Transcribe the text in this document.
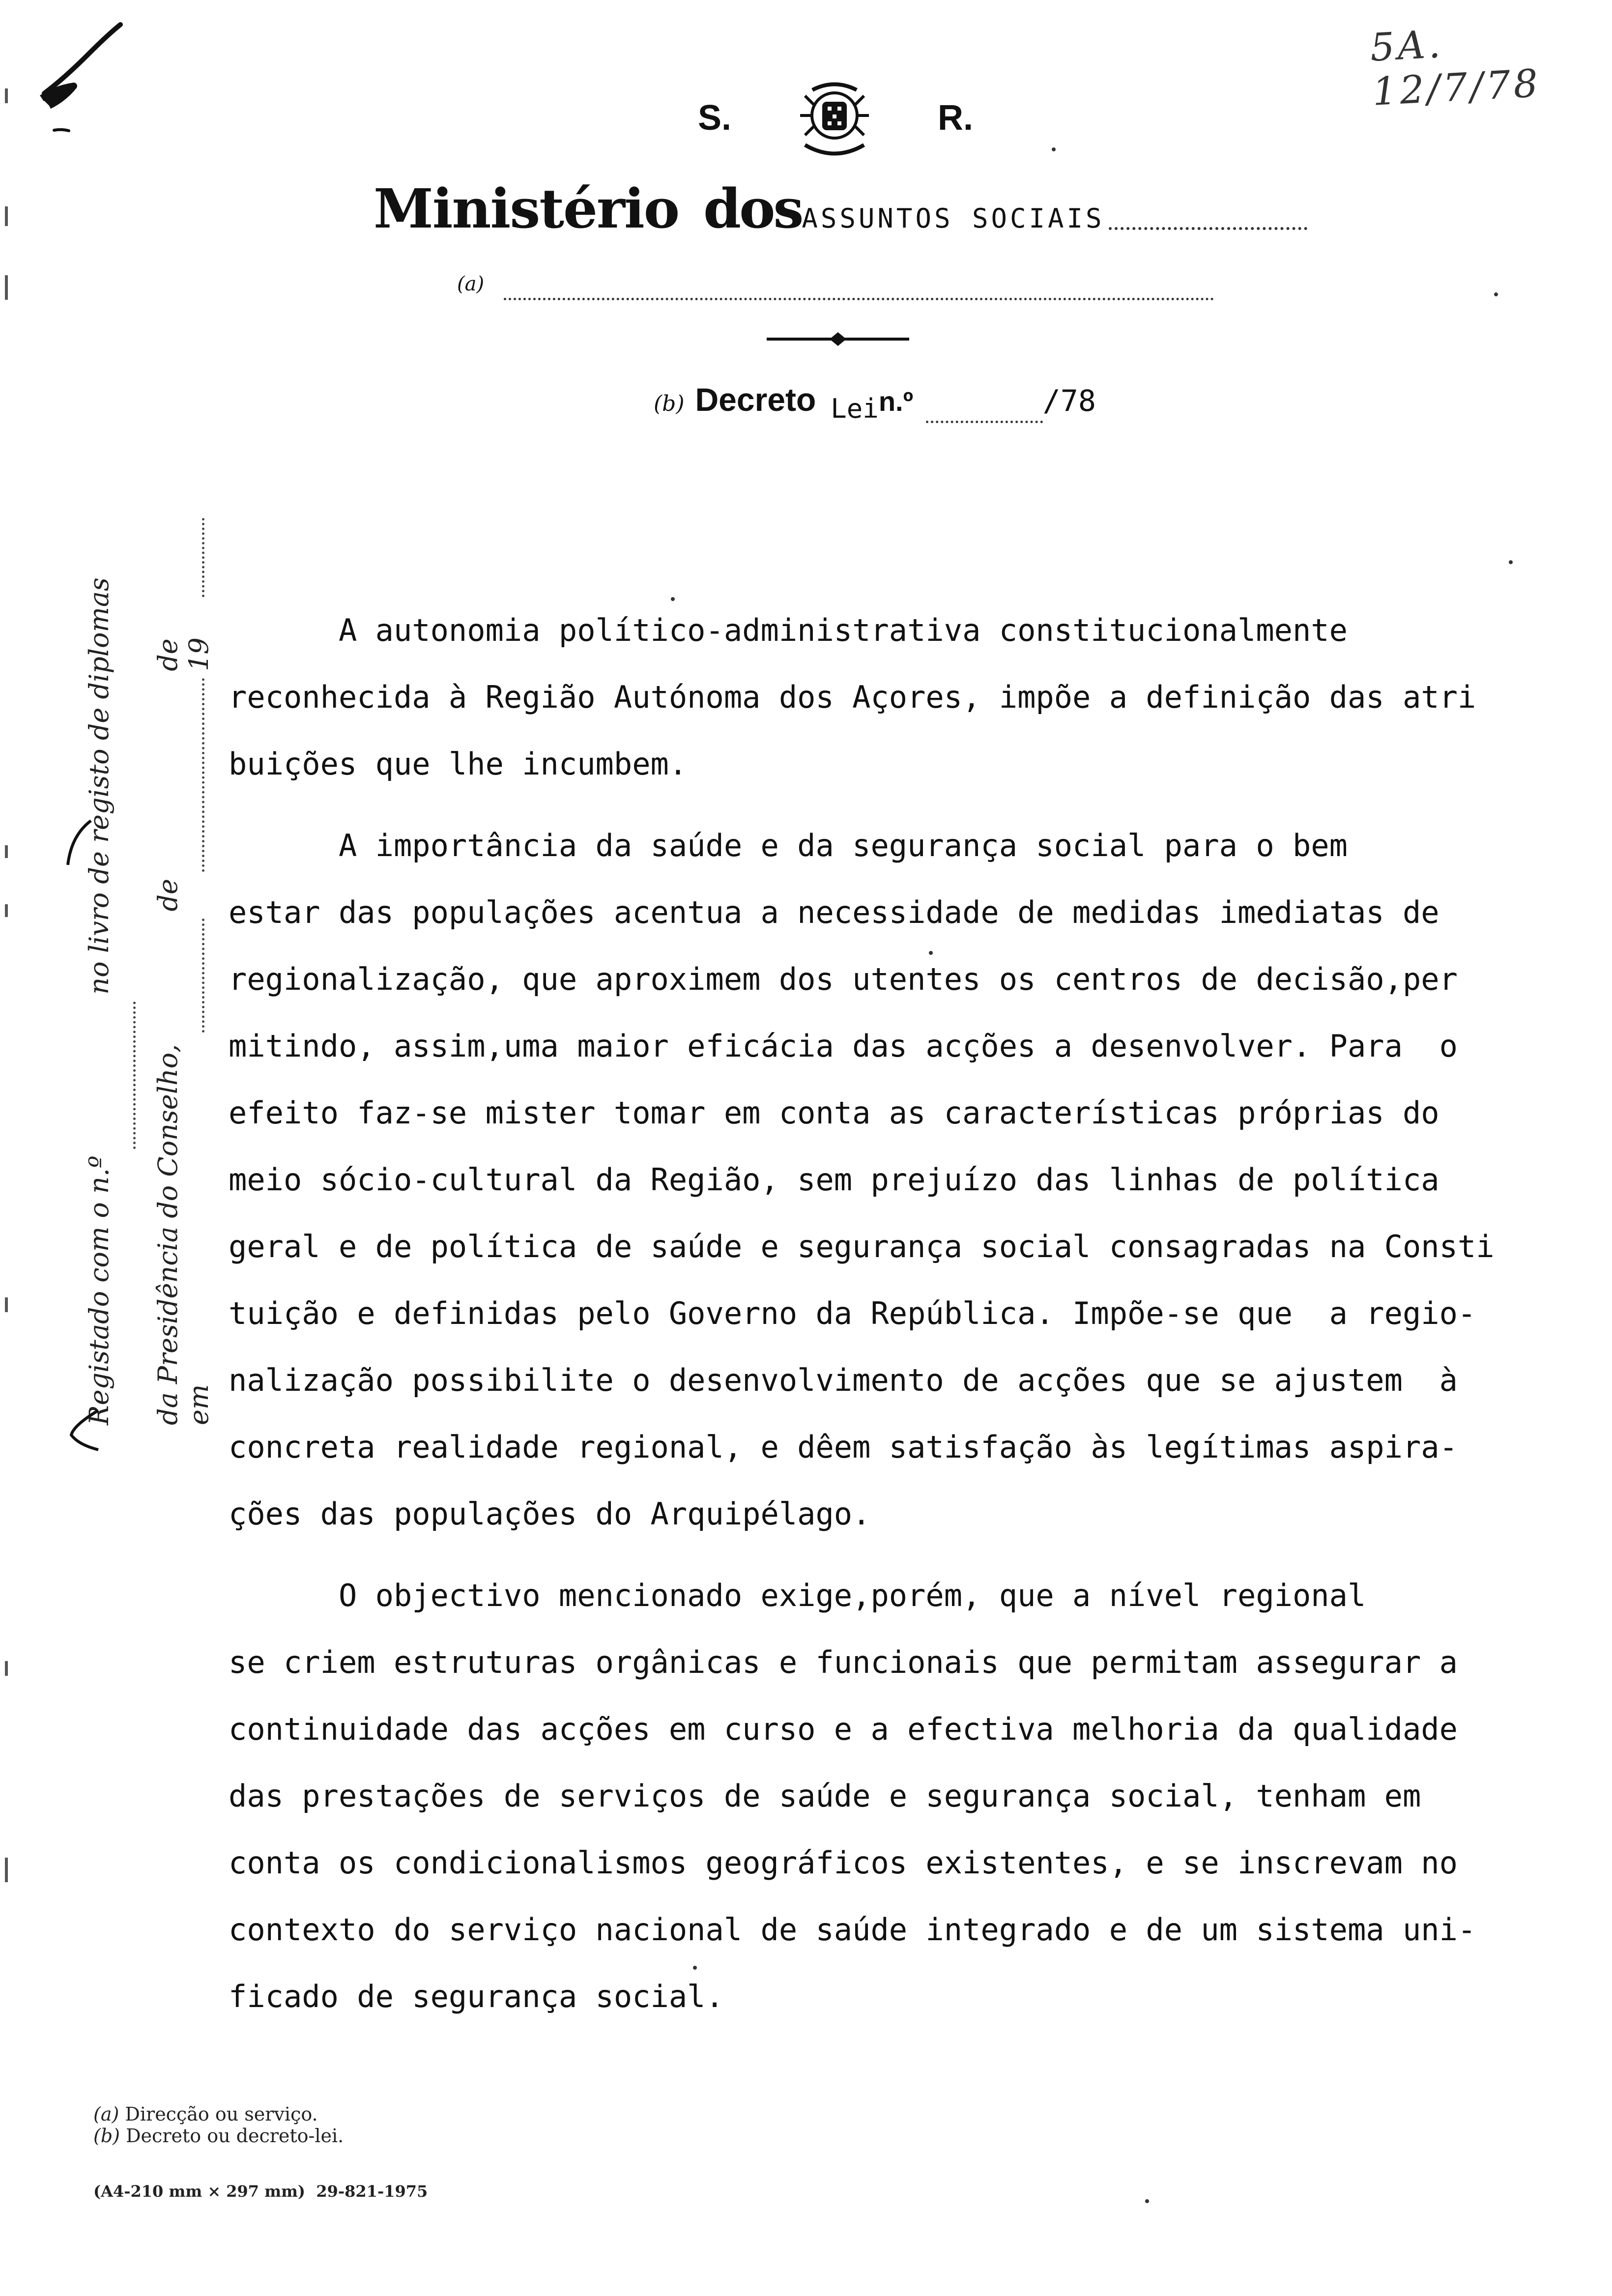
5A. 12/7/78
S.	R.
Ministério dos ASSUNTOS SOCIAIS
(a)
(b) Decreto Lei n.º	/78
Registado com o n.º
no livro de registo de diplomas
da Presidência do Conselho, em
de
de 19

A autonomia político-administrativa constitucionalmente
reconhecida à Região Autónoma dos Açores, impõe a definição das atri
buições que lhe incumbem.

A importância da saúde e da segurança social para o bem
estar das populações acentua a necessidade de medidas imediatas de
regionalização, que aproximem dos utentes os centros de decisão,per
mitindo, assim,uma maior eficácia das acções a desenvolver. Para  o
efeito faz-se mister tomar em conta as características próprias do
meio sócio-cultural da Região, sem prejuízo das linhas de política
geral e de política de saúde e segurança social consagradas na Consti
tuição e definidas pelo Governo da República. Impõe-se que  a regio-
nalização possibilite o desenvolvimento de acções que se ajustem  à
concreta realidade regional, e dêem satisfação às legítimas aspira-
ções das populações do Arquipélago.

O objectivo mencionado exige,porém, que a nível regional
se criem estruturas orgânicas e funcionais que permitam assegurar a
continuidade das acções em curso e a efectiva melhoria da qualidade
das prestações de serviços de saúde e segurança social, tenham em
conta os condicionalismos geográficos existentes, e se inscrevam no
contexto do serviço nacional de saúde integrado e de um sistema uni-
ficado de segurança social.

(a) Direcção ou serviço.
(b) Decreto ou decreto-lei.
(A4-210 mm × 297 mm)  29-821-1975
